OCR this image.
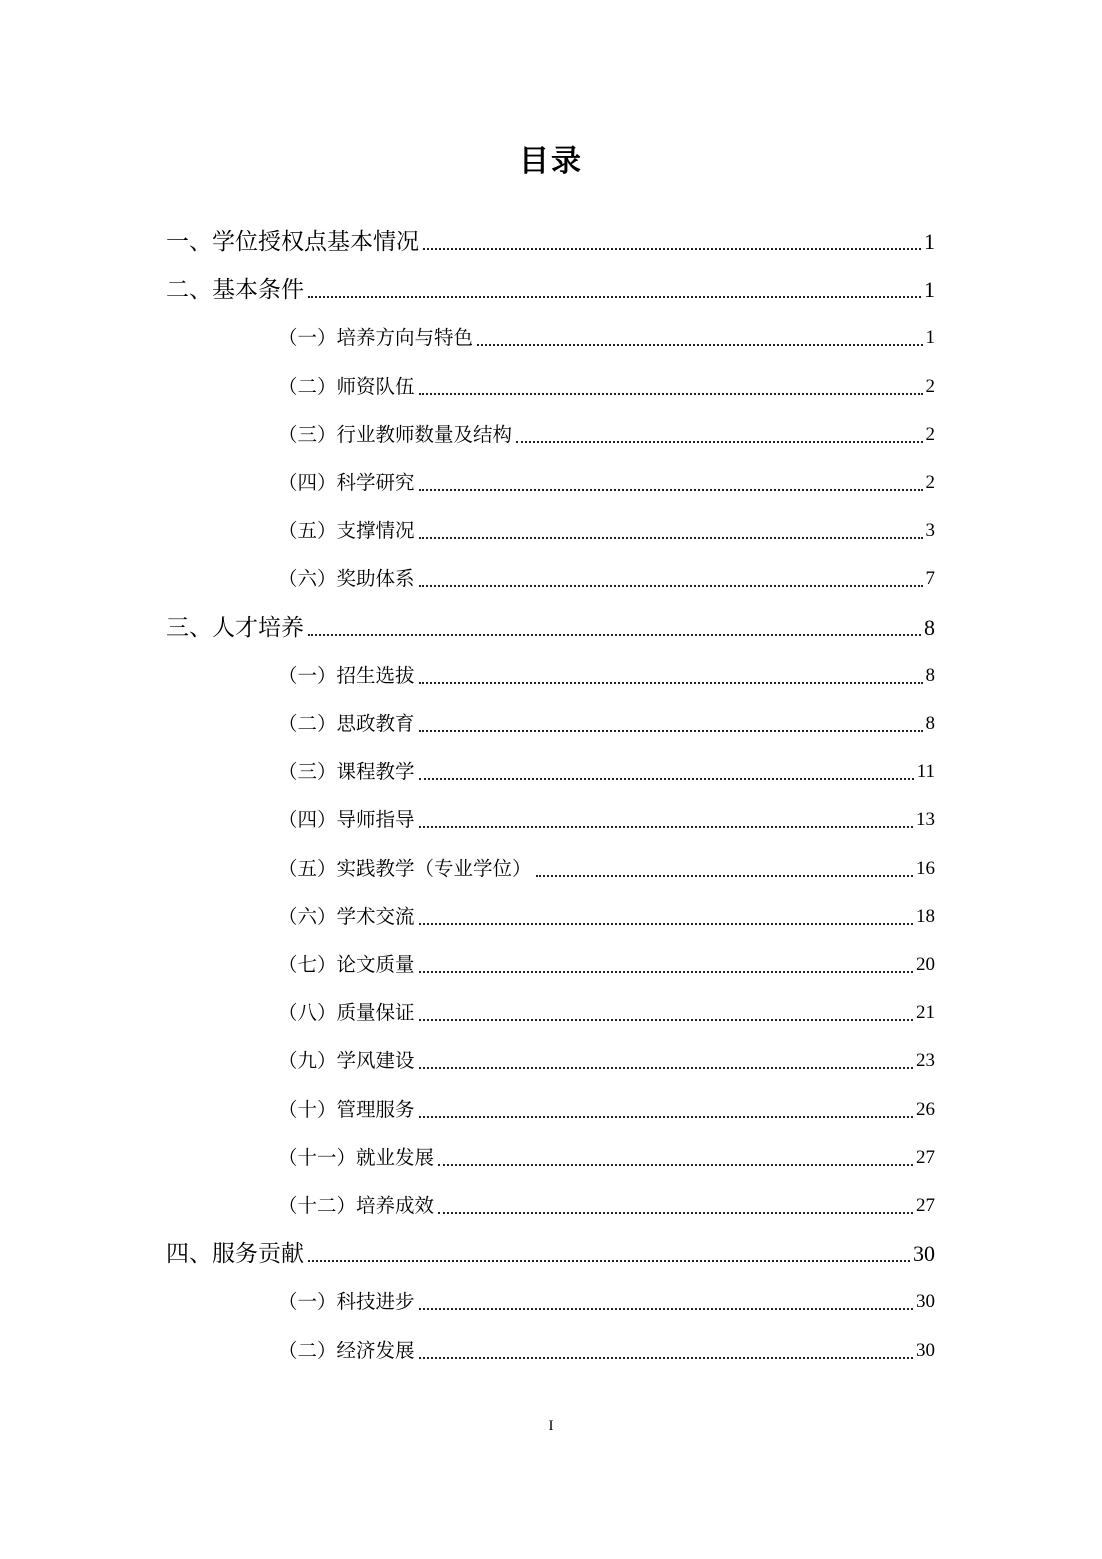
目录
一、学位授权点基本情况	1
二、基本条件	1
（一）培养方向与特色	1
（二）师资队伍	2
（三）行业教师数量及结构	2
（四）科学研究	2
（五）支撑情况	3
（六）奖助体系	7
三、人才培养	8
（一）招生选拔	8
（二）思政教育	8
（三）课程教学	11
（四）导师指导	13
（五）实践教学（专业学位）	16
（六）学术交流	18
（七）论文质量	20
（八）质量保证	21
（九）学风建设	23
（十）管理服务	26
（十一）就业发展	27
（十二）培养成效	27
四、服务贡献	30
（一）科技进步	30
（二）经济发展	30
I
